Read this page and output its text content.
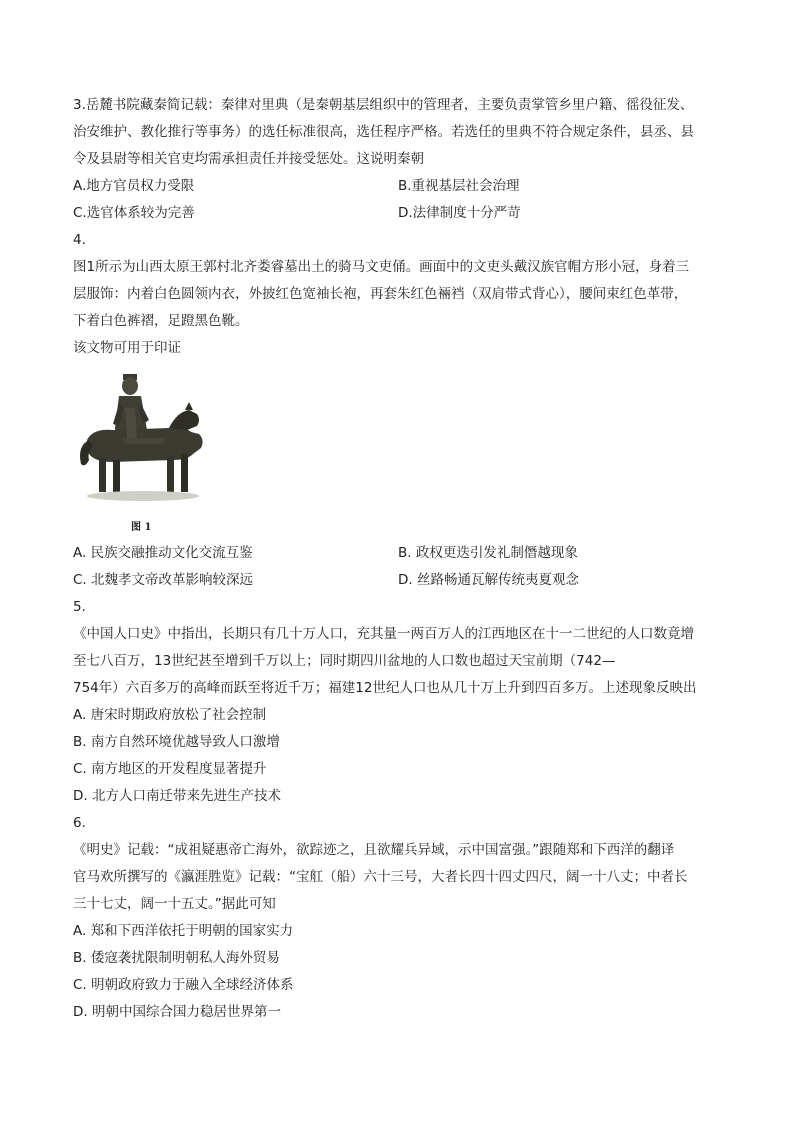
3.岳麓书院藏秦简记载：秦律对里典（是秦朝基层组织中的管理者，主要负责掌管乡里户籍、徭役征发、
治安维护、教化推行等事务）的选任标准很高，选任程序严格。若选任的里典不符合规定条件，县丞、县
令及县尉等相关官吏均需承担责任并接受惩处。这说明秦朝
A.地方官员权力受限	B.重视基层社会治理
C.选官体系较为完善	D.法律制度十分严苛
4.
图1所示为山西太原王郭村北齐娄睿墓出土的骑马文吏俑。画面中的文吏头戴汉族官帽方形小冠，身着三
层服饰：内着白色圆领内衣，外披红色宽袖长袍，再套朱红色裲裆（双肩带式背心），腰间束红色革带，
下着白色裤褶，足蹬黑色靴。
该文物可用于印证
图 1
A. 民族交融推动文化交流互鉴	B. 政权更迭引发礼制僭越现象
C. 北魏孝文帝改革影响较深远	D. 丝路畅通瓦解传统夷夏观念
5.
《中国人口史》中指出，长期只有几十万人口，充其量一两百万人的江西地区在十一二世纪的人口数竟增
至七八百万，13世纪甚至增到千万以上；同时期四川盆地的人口数也超过天宝前期（742—
754年）六百多万的高峰而跃至将近千万；福建12世纪人口也从几十万上升到四百多万。上述现象反映出
A. 唐宋时期政府放松了社会控制
B. 南方自然环境优越导致人口激增
C. 南方地区的开发程度显著提升
D. 北方人口南迁带来先进生产技术
6.
《明史》记载：“成祖疑惠帝亡海外，欲踪迹之，且欲耀兵异域，示中国富强。”跟随郑和下西洋的翻译
官马欢所撰写的《瀛涯胜览》记载：“宝舡（船）六十三号，大者长四十四丈四尺，阔一十八丈；中者长
三十七丈，阔一十五丈。”据此可知
A. 郑和下西洋依托于明朝的国家实力
B. 倭寇袭扰限制明朝私人海外贸易
C. 明朝政府致力于融入全球经济体系
D. 明朝中国综合国力稳居世界第一
